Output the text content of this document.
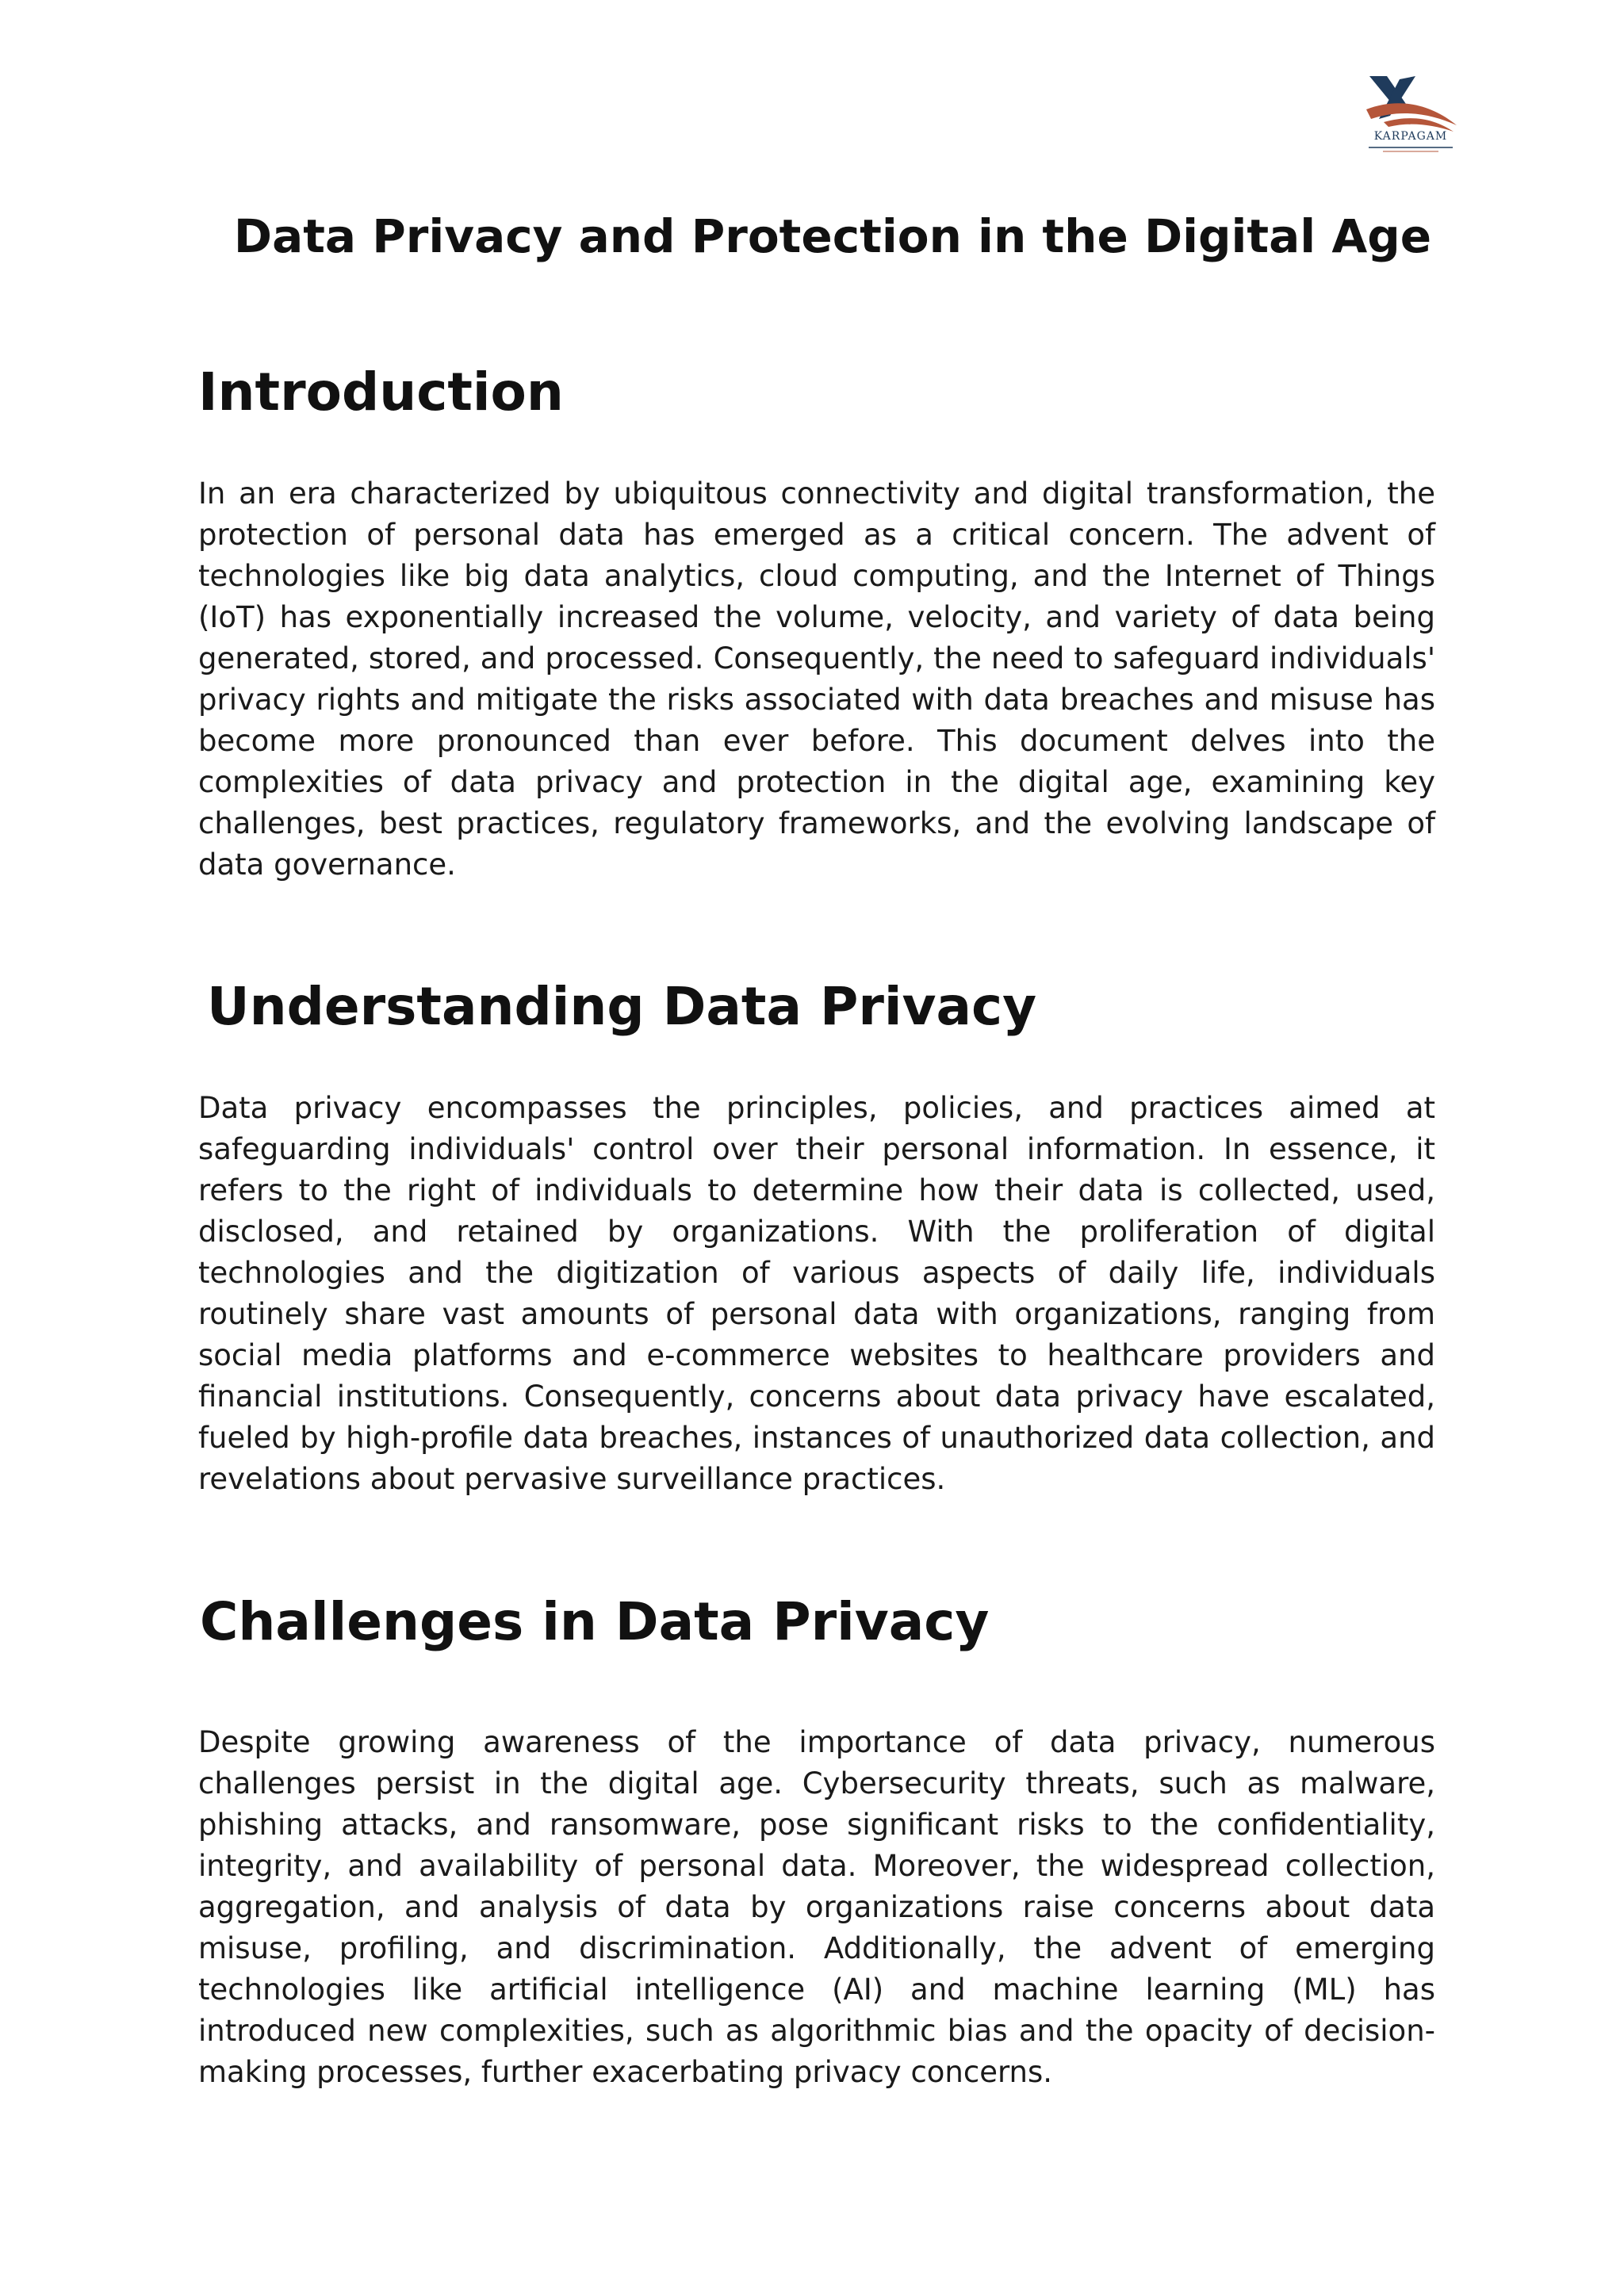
KARPAGAM
Data Privacy and Protection in the Digital Age
Introduction

In an era characterized by ubiquitous connectivity and digital transformation, the protection of personal data has emerged as a critical concern. The advent of technologies like big data analytics, cloud computing, and the Internet of Things (IoT) has exponentially increased the volume, velocity, and variety of data being generated, stored, and processed. Consequently, the need to safeguard individuals' privacy rights and mitigate the risks associated with data breaches and misuse has become more pronounced than ever before. This document delves into the complexities of data privacy and protection in the digital age, examining key challenges, best practices, regulatory frameworks, and the evolving landscape of data governance.

Understanding Data Privacy

Data privacy encompasses the principles, policies, and practices aimed at safeguarding individuals' control over their personal information. In essence, it refers to the right of individuals to determine how their data is collected, used, disclosed, and retained by organizations. With the proliferation of digital technologies and the digitization of various aspects of daily life, individuals routinely share vast amounts of personal data with organizations, ranging from social media platforms and e-commerce websites to healthcare providers and financial institutions. Consequently, concerns about data privacy have escalated, fueled by high-profile data breaches, instances of unauthorized data collection, and revelations about pervasive surveillance practices.

Challenges in Data Privacy

Despite growing awareness of the importance of data privacy, numerous challenges persist in the digital age. Cybersecurity threats, such as malware, phishing attacks, and ransomware, pose significant risks to the confidentiality, integrity, and availability of personal data. Moreover, the widespread collection, aggregation, and analysis of data by organizations raise concerns about data misuse, profiling, and discrimination. Additionally, the advent of emerging technologies like artificial intelligence (AI) and machine learning (ML) has introduced new complexities, such as algorithmic bias and the opacity of decision-making processes, further exacerbating privacy concerns.
